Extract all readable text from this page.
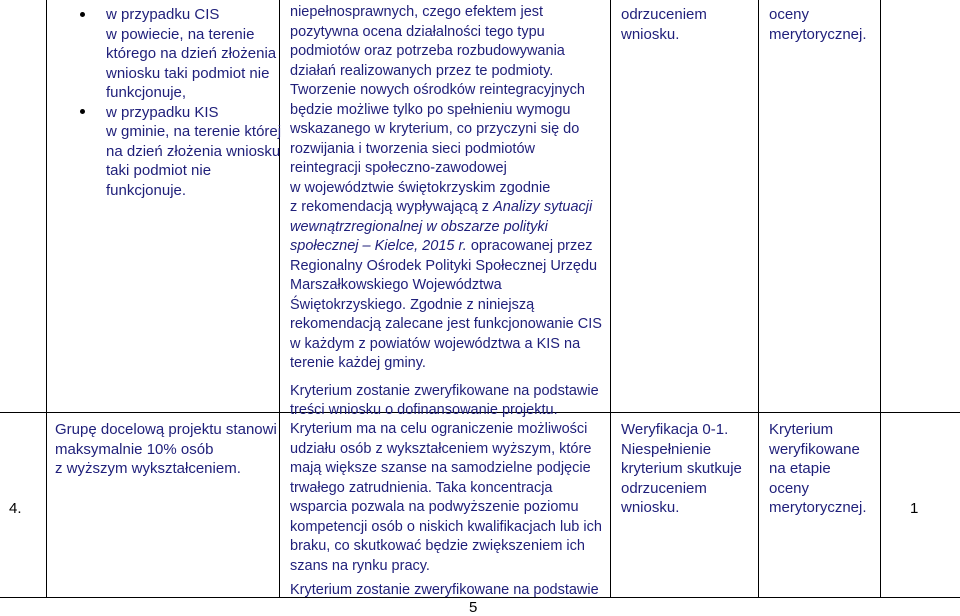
w przypadku CIS
w powiecie, na terenie
którego na dzień złożenia
wniosku taki podmiot nie
funkcjonuje,
w przypadku KIS
w gminie, na terenie której
na dzień złożenia wniosku
taki podmiot nie
funkcjonuje.
niepełnosprawnych, czego efektem jest
pozytywna ocena działalności tego typu
podmiotów oraz potrzeba rozbudowywania
działań realizowanych przez te podmioty.
Tworzenie nowych ośrodków reintegracyjnych
będzie możliwe tylko po spełnieniu wymogu
wskazanego w kryterium, co przyczyni się do
rozwijania i tworzenia sieci podmiotów
reintegracji społeczno-zawodowej
w województwie świętokrzyskim zgodnie
z rekomendacją wypływającą z Analizy sytuacji
wewnątrzregionalnej w obszarze polityki
społecznej – Kielce, 2015 r. opracowanej przez
Regionalny Ośrodek Polityki Społecznej Urzędu
Marszałkowskiego Województwa
Świętokrzyskiego. Zgodnie z niniejszą
rekomendacją zalecane jest funkcjonowanie CIS
w każdym z powiatów województwa a KIS na
terenie każdej gminy.
Kryterium zostanie zweryfikowane na podstawie
treści wniosku o dofinansowanie projektu.
odrzuceniem
wniosku.
oceny
merytorycznej.
4.
Grupę docelową projektu stanowi
maksymalnie 10% osób
z wyższym wykształceniem.
Kryterium ma na celu ograniczenie możliwości
udziału osób z wykształceniem wyższym, które
mają większe szanse na samodzielne podjęcie
trwałego zatrudnienia. Taka koncentracja
wsparcia pozwala na podwyższenie poziomu
kompetencji osób o niskich kwalifikacjach lub ich
braku, co skutkować będzie zwiększeniem ich
szans na rynku pracy.
Kryterium zostanie zweryfikowane na podstawie
Weryfikacja 0-1.
Niespełnienie
kryterium skutkuje
odrzuceniem
wniosku.
Kryterium
weryfikowane
na etapie
oceny
merytorycznej.	1
5
